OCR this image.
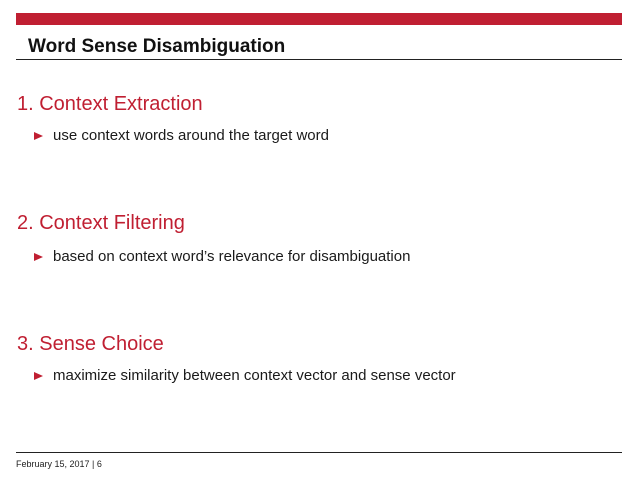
Word Sense Disambiguation
1. Context Extraction
use context words around the target word
2. Context Filtering
based on context word’s relevance for disambiguation
3. Sense Choice
maximize similarity between context vector and sense vector
February 15, 2017 | 6
